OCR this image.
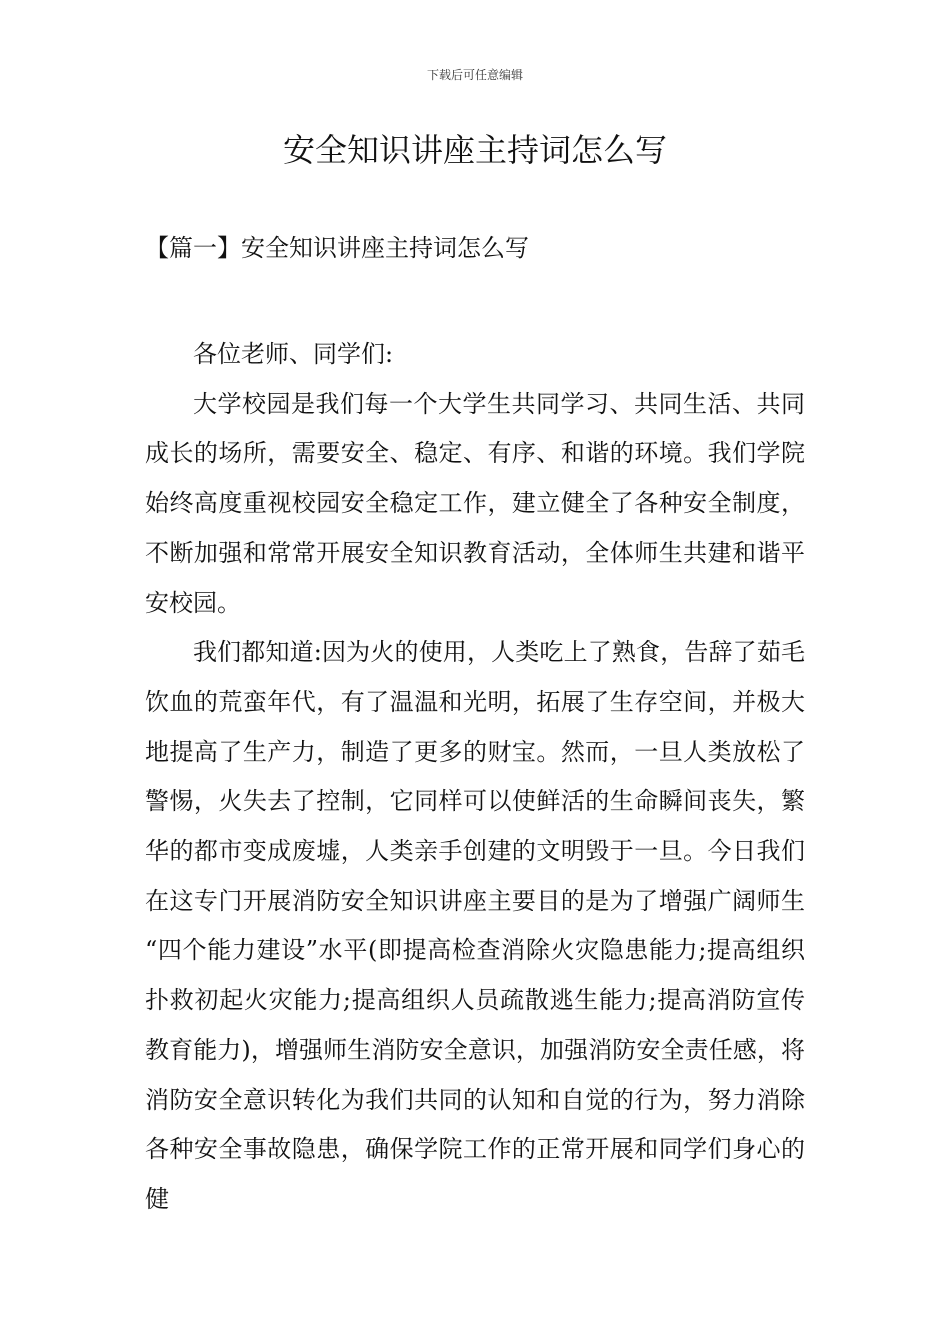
下载后可任意编辑
安全知识讲座主持词怎么写
【篇一】安全知识讲座主持词怎么写

各位老师、同学们:

大学校园是我们每一个大学生共同学习、共同生活、共同成长的场所，需要安全、稳定、有序、和谐的环境。我们学院始终高度重视校园安全稳定工作，建立健全了各种安全制度，不断加强和常常开展安全知识教育活动，全体师生共建和谐平安校园。

我们都知道:因为火的使用，人类吃上了熟食，告辞了茹毛饮血的荒蛮年代，有了温温和光明，拓展了生存空间，并极大地提高了生产力，制造了更多的财宝。然而，一旦人类放松了警惕，火失去了控制，它同样可以使鲜活的生命瞬间丧失，繁华的都市变成废墟，人类亲手创建的文明毁于一旦。今日我们在这专门开展消防安全知识讲座主要目的是为了增强广阔师生“四个能力建设”水平(即提高检查消除火灾隐患能力;提高组织扑救初起火灾能力;提高组织人员疏散逃生能力;提高消防宣传教育能力)，增强师生消防安全意识，加强消防安全责任感，将消防安全意识转化为我们共同的认知和自觉的行为，努力消除各种安全事故隐患，确保学院工作的正常开展和同学们身心的健
